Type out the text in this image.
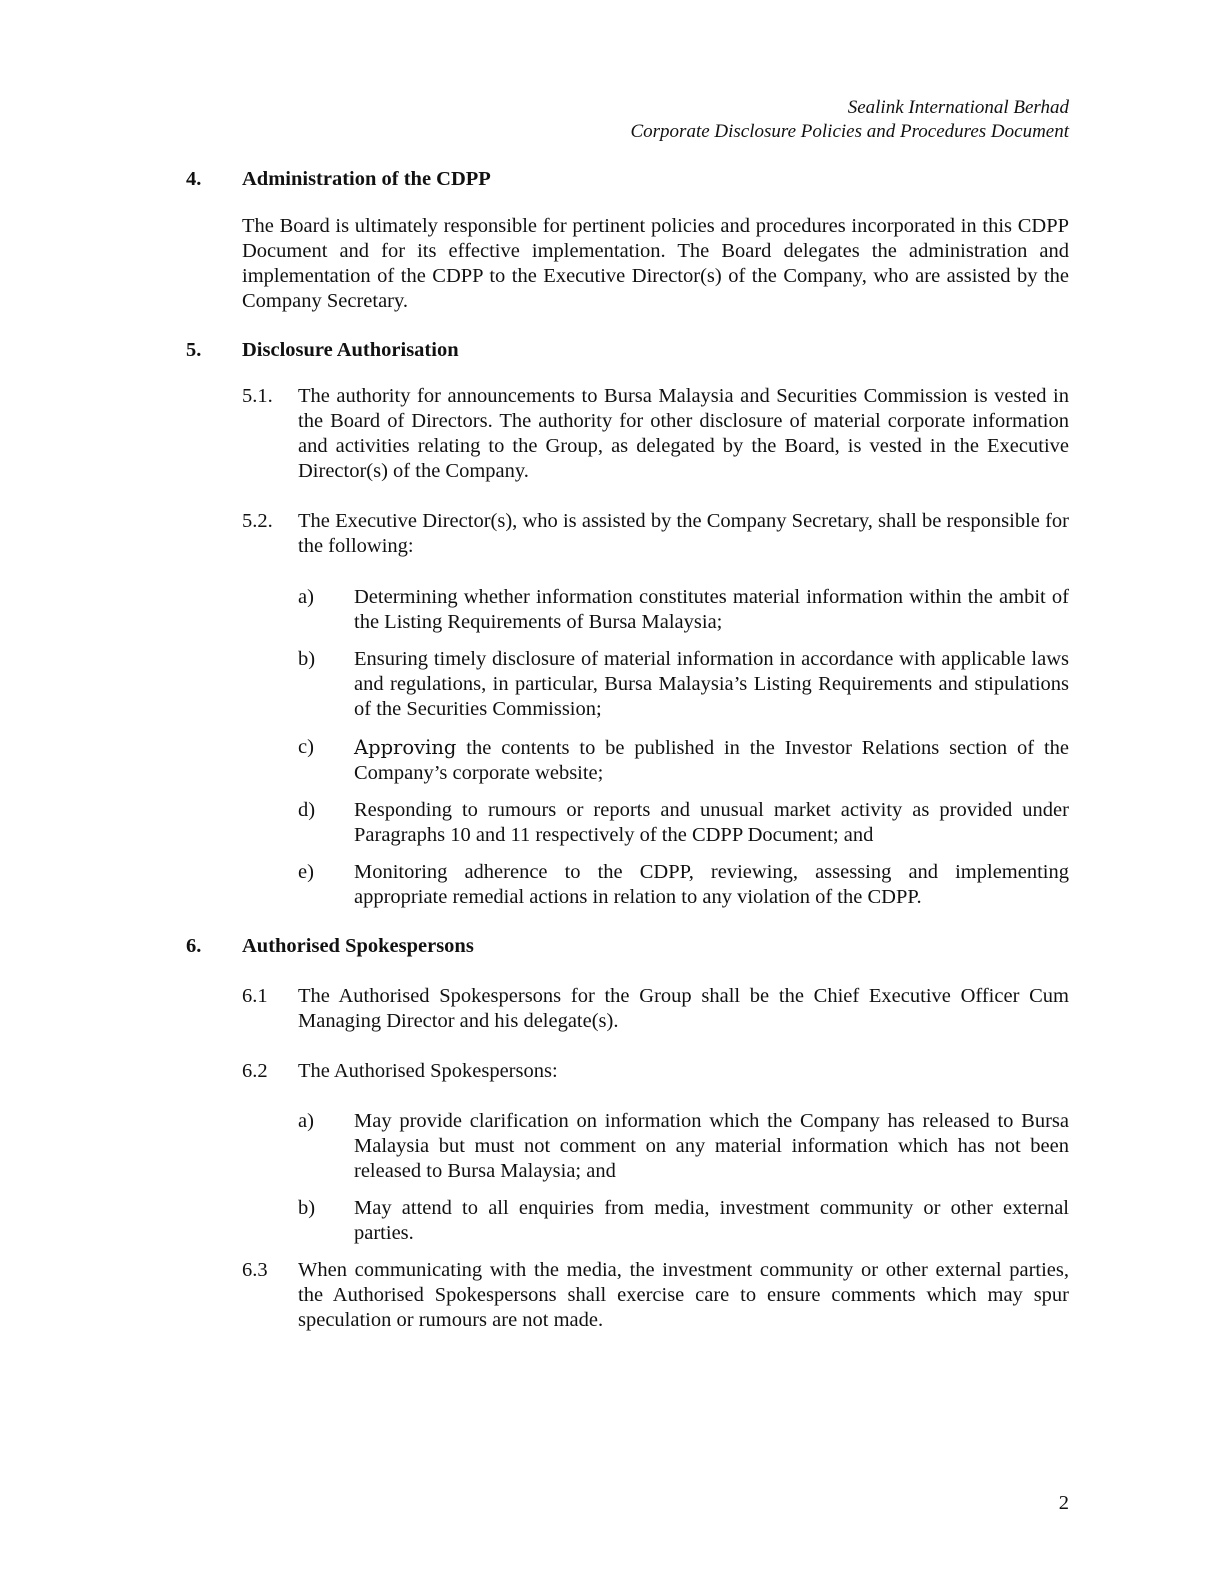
Sealink International Berhad
Corporate Disclosure Policies and Procedures Document
4. Administration of the CDPP
The Board is ultimately responsible for pertinent policies and procedures incorporated in this CDPP Document and for its effective implementation. The Board delegates the administration and implementation of the CDPP to the Executive Director(s) of the Company, who are assisted by the Company Secretary.
5. Disclosure Authorisation
5.1. The authority for announcements to Bursa Malaysia and Securities Commission is vested in the Board of Directors. The authority for other disclosure of material corporate information and activities relating to the Group, as delegated by the Board, is vested in the Executive Director(s) of the Company.
5.2. The Executive Director(s), who is assisted by the Company Secretary, shall be responsible for the following:
a) Determining whether information constitutes material information within the ambit of the Listing Requirements of Bursa Malaysia;
b) Ensuring timely disclosure of material information in accordance with applicable laws and regulations, in particular, Bursa Malaysia’s Listing Requirements and stipulations of the Securities Commission;
c) Approving the contents to be published in the Investor Relations section of the Company’s corporate website;
d) Responding to rumours or reports and unusual market activity as provided under Paragraphs 10 and 11 respectively of the CDPP Document; and
e) Monitoring adherence to the CDPP, reviewing, assessing and implementing appropriate remedial actions in relation to any violation of the CDPP.
6. Authorised Spokespersons
6.1 The Authorised Spokespersons for the Group shall be the Chief Executive Officer Cum Managing Director and his delegate(s).
6.2 The Authorised Spokespersons:
a) May provide clarification on information which the Company has released to Bursa Malaysia but must not comment on any material information which has not been released to Bursa Malaysia; and
b) May attend to all enquiries from media, investment community or other external parties.
6.3 When communicating with the media, the investment community or other external parties, the Authorised Spokespersons shall exercise care to ensure comments which may spur speculation or rumours are not made.
2
